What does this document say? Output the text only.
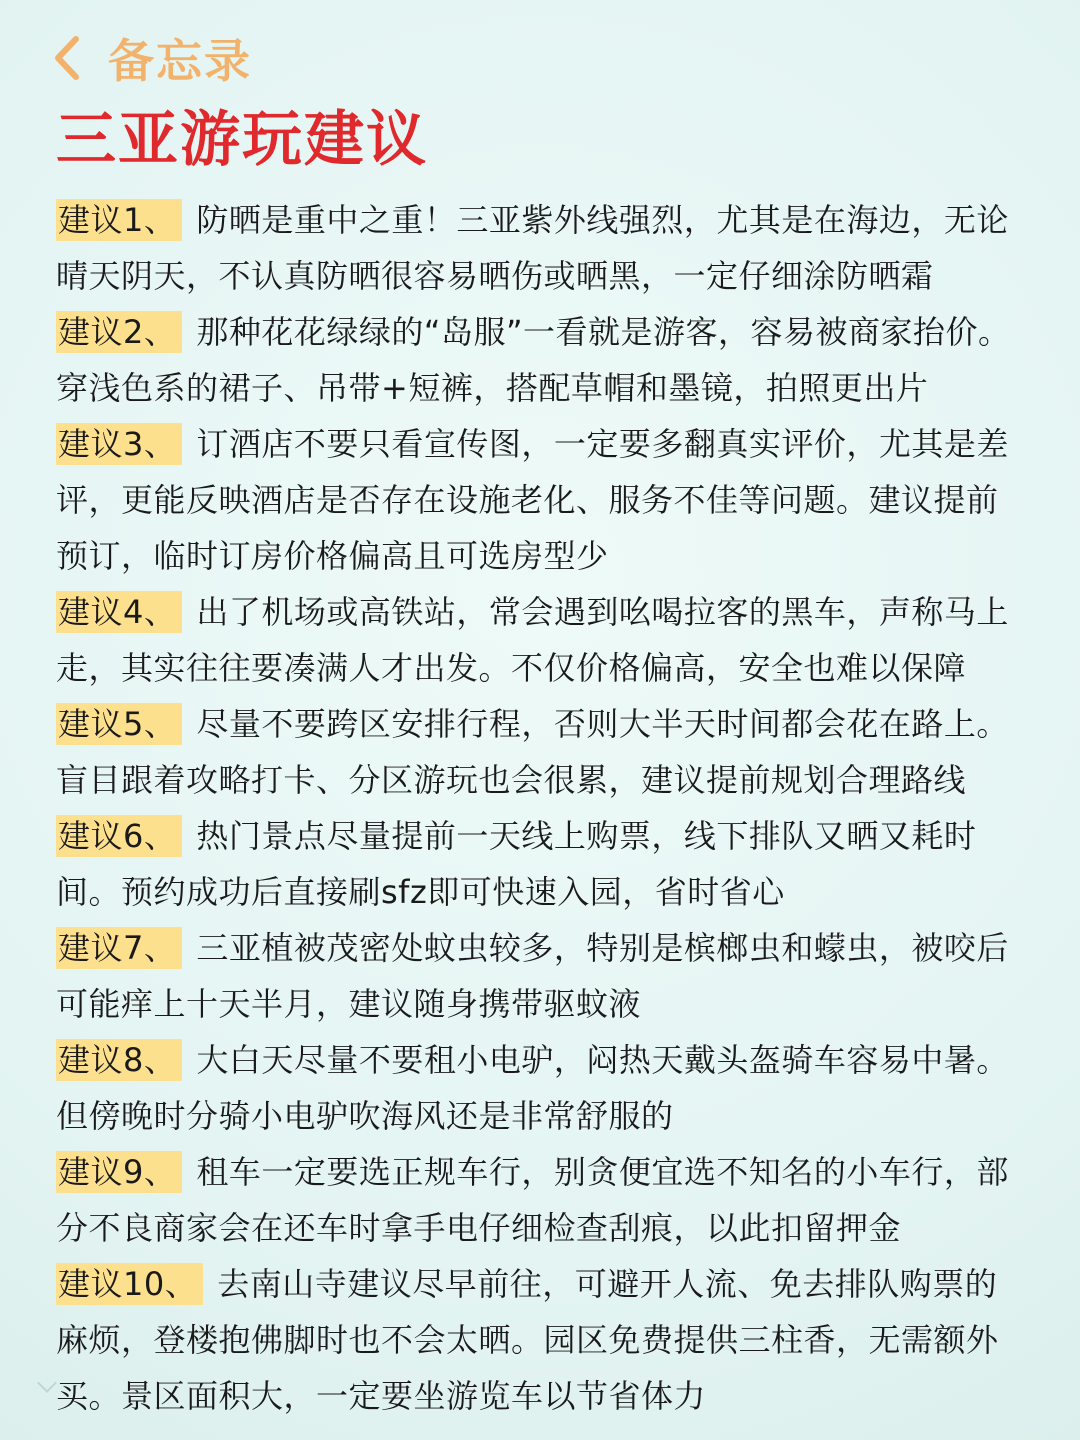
备忘录
三亚游玩建议

建议1、 防晒是重中之重！三亚紫外线强烈，尤其是在海边，无论晴天阴天，不认真防晒很容易晒伤或晒黑，一定仔细涂防晒霜

建议2、 那种花花绿绿的“岛服”一看就是游客，容易被商家抬价。穿浅色系的裙子、吊带+短裤，搭配草帽和墨镜，拍照更出片

建议3、 订酒店不要只看宣传图，一定要多翻真实评价，尤其是差评，更能反映酒店是否存在设施老化、服务不佳等问题。建议提前预订，临时订房价格偏高且可选房型少

建议4、 出了机场或高铁站，常会遇到吆喝拉客的黑车，声称马上走，其实往往要凑满人才出发。不仅价格偏高，安全也难以保障

建议5、 尽量不要跨区安排行程，否则大半天时间都会花在路上。盲目跟着攻略打卡、分区游玩也会很累，建议提前规划合理路线

建议6、 热门景点尽量提前一天线上购票，线下排队又晒又耗时间。预约成功后直接刷sfz即可快速入园，省时省心

建议7、 三亚植被茂密处蚊虫较多，特别是槟榔虫和蠓虫，被咬后可能痒上十天半月，建议随身携带驱蚊液

建议8、 大白天尽量不要租小电驴，闷热天戴头盔骑车容易中暑。但傍晚时分骑小电驴吹海风还是非常舒服的

建议9、 租车一定要选正规车行，别贪便宜选不知名的小车行，部分不良商家会在还车时拿手电仔细检查刮痕，以此扣留押金

建议10、 去南山寺建议尽早前往，可避开人流、免去排队购票的麻烦，登楼抱佛脚时也不会太晒。园区免费提供三柱香，无需额外买。景区面积大，一定要坐游览车以节省体力
